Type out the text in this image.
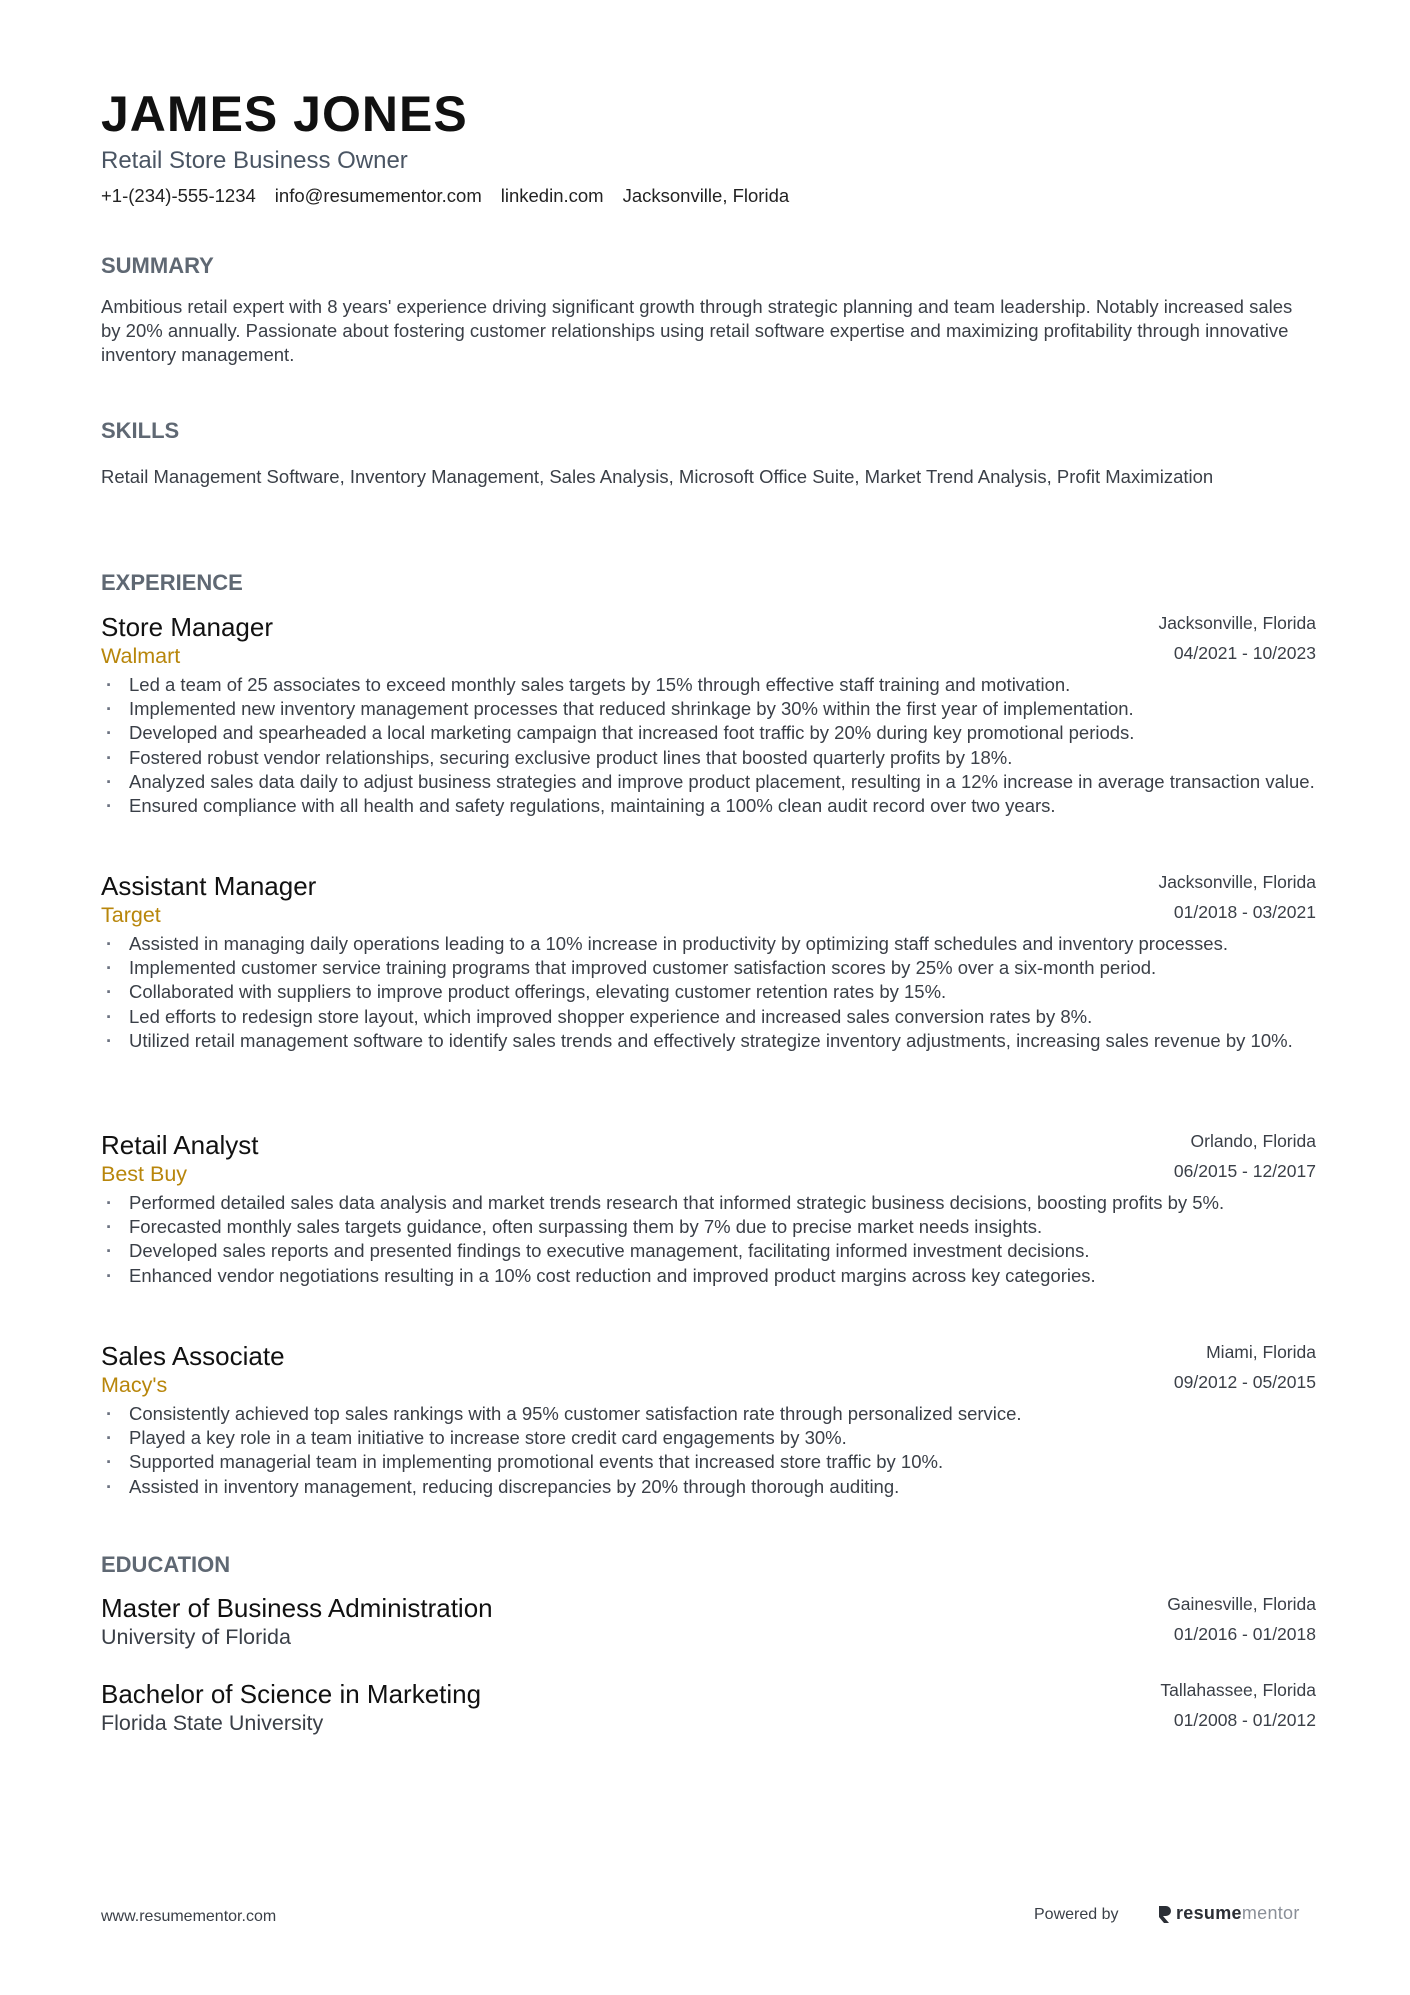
JAMES JONES
Retail Store Business Owner
+1-(234)-555-1234 info@resumementor.com linkedin.com Jacksonville, Florida
SUMMARY

Ambitious retail expert with 8 years' experience driving significant growth through strategic planning and team leadership. Notably increased sales by 20% annually. Passionate about fostering customer relationships using retail software expertise and maximizing profitability through innovative inventory management.

SKILLS

Retail Management Software, Inventory Management, Sales Analysis, Microsoft Office Suite, Market Trend Analysis, Profit Maximization

EXPERIENCE
Store Manager
Walmart
Jacksonville, Florida
04/2021 - 10/2023
· Led a team of 25 associates to exceed monthly sales targets by 15% through effective staff training and motivation.
· Implemented new inventory management processes that reduced shrinkage by 30% within the first year of implementation.
· Developed and spearheaded a local marketing campaign that increased foot traffic by 20% during key promotional periods.
· Fostered robust vendor relationships, securing exclusive product lines that boosted quarterly profits by 18%.
· Analyzed sales data daily to adjust business strategies and improve product placement, resulting in a 12% increase in average transaction value.
· Ensured compliance with all health and safety regulations, maintaining a 100% clean audit record over two years.
Assistant Manager
Target
Jacksonville, Florida
01/2018 - 03/2021
· Assisted in managing daily operations leading to a 10% increase in productivity by optimizing staff schedules and inventory processes.
· Implemented customer service training programs that improved customer satisfaction scores by 25% over a six-month period.
· Collaborated with suppliers to improve product offerings, elevating customer retention rates by 15%.
· Led efforts to redesign store layout, which improved shopper experience and increased sales conversion rates by 8%.
· Utilized retail management software to identify sales trends and effectively strategize inventory adjustments, increasing sales revenue by 10%.
Retail Analyst
Best Buy
Orlando, Florida
06/2015 - 12/2017
· Performed detailed sales data analysis and market trends research that informed strategic business decisions, boosting profits by 5%.
· Forecasted monthly sales targets guidance, often surpassing them by 7% due to precise market needs insights.
· Developed sales reports and presented findings to executive management, facilitating informed investment decisions.
· Enhanced vendor negotiations resulting in a 10% cost reduction and improved product margins across key categories.
Sales Associate
Macy's
Miami, Florida
09/2012 - 05/2015
· Consistently achieved top sales rankings with a 95% customer satisfaction rate through personalized service.
· Played a key role in a team initiative to increase store credit card engagements by 30%.
· Supported managerial team in implementing promotional events that increased store traffic by 10%.
· Assisted in inventory management, reducing discrepancies by 20% through thorough auditing.
EDUCATION
Master of Business Administration
University of Florida
Gainesville, Florida
01/2016 - 01/2018
Bachelor of Science in Marketing
Florida State University
Tallahassee, Florida
01/2008 - 01/2012
www.resumementor.com	Powered by	resumementor
